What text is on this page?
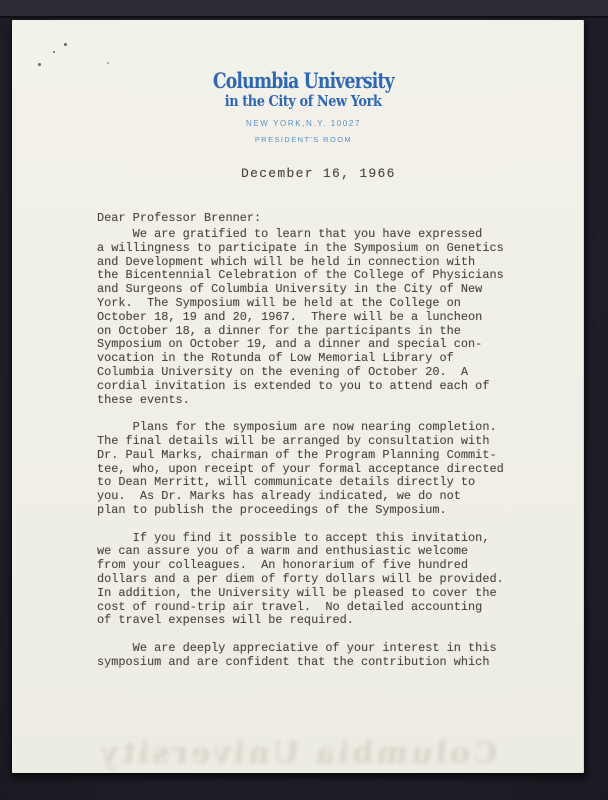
Columbia University
in the City of New York
NEW YORK,N.Y. 10027
PRESIDENT'S ROOM
December 16, 1966
Dear Professor Brenner:
We are gratified to learn that you have expressed
a willingness to participate in the Symposium on Genetics
and Development which will be held in connection with
the Bicentennial Celebration of the College of Physicians
and Surgeons of Columbia University in the City of New
York.  The Symposium will be held at the College on
October 18, 19 and 20, 1967.  There will be a luncheon
on October 18, a dinner for the participants in the
Symposium on October 19, and a dinner and special con-
vocation in the Rotunda of Low Memorial Library of
Columbia University on the evening of October 20.  A
cordial invitation is extended to you to attend each of
these events.
Plans for the symposium are now nearing completion.
The final details will be arranged by consultation with
Dr. Paul Marks, chairman of the Program Planning Commit-
tee, who, upon receipt of your formal acceptance directed
to Dean Merritt, will communicate details directly to
you.  As Dr. Marks has already indicated, we do not
plan to publish the proceedings of the Symposium.
If you find it possible to accept this invitation,
we can assure you of a warm and enthusiastic welcome
from your colleagues.  An honorarium of five hundred
dollars and a per diem of forty dollars will be provided.
In addition, the University will be pleased to cover the
cost of round-trip air travel.  No detailed accounting
of travel expenses will be required.
We are deeply appreciative of your interest in this
symposium and are confident that the contribution which
Columbia University
